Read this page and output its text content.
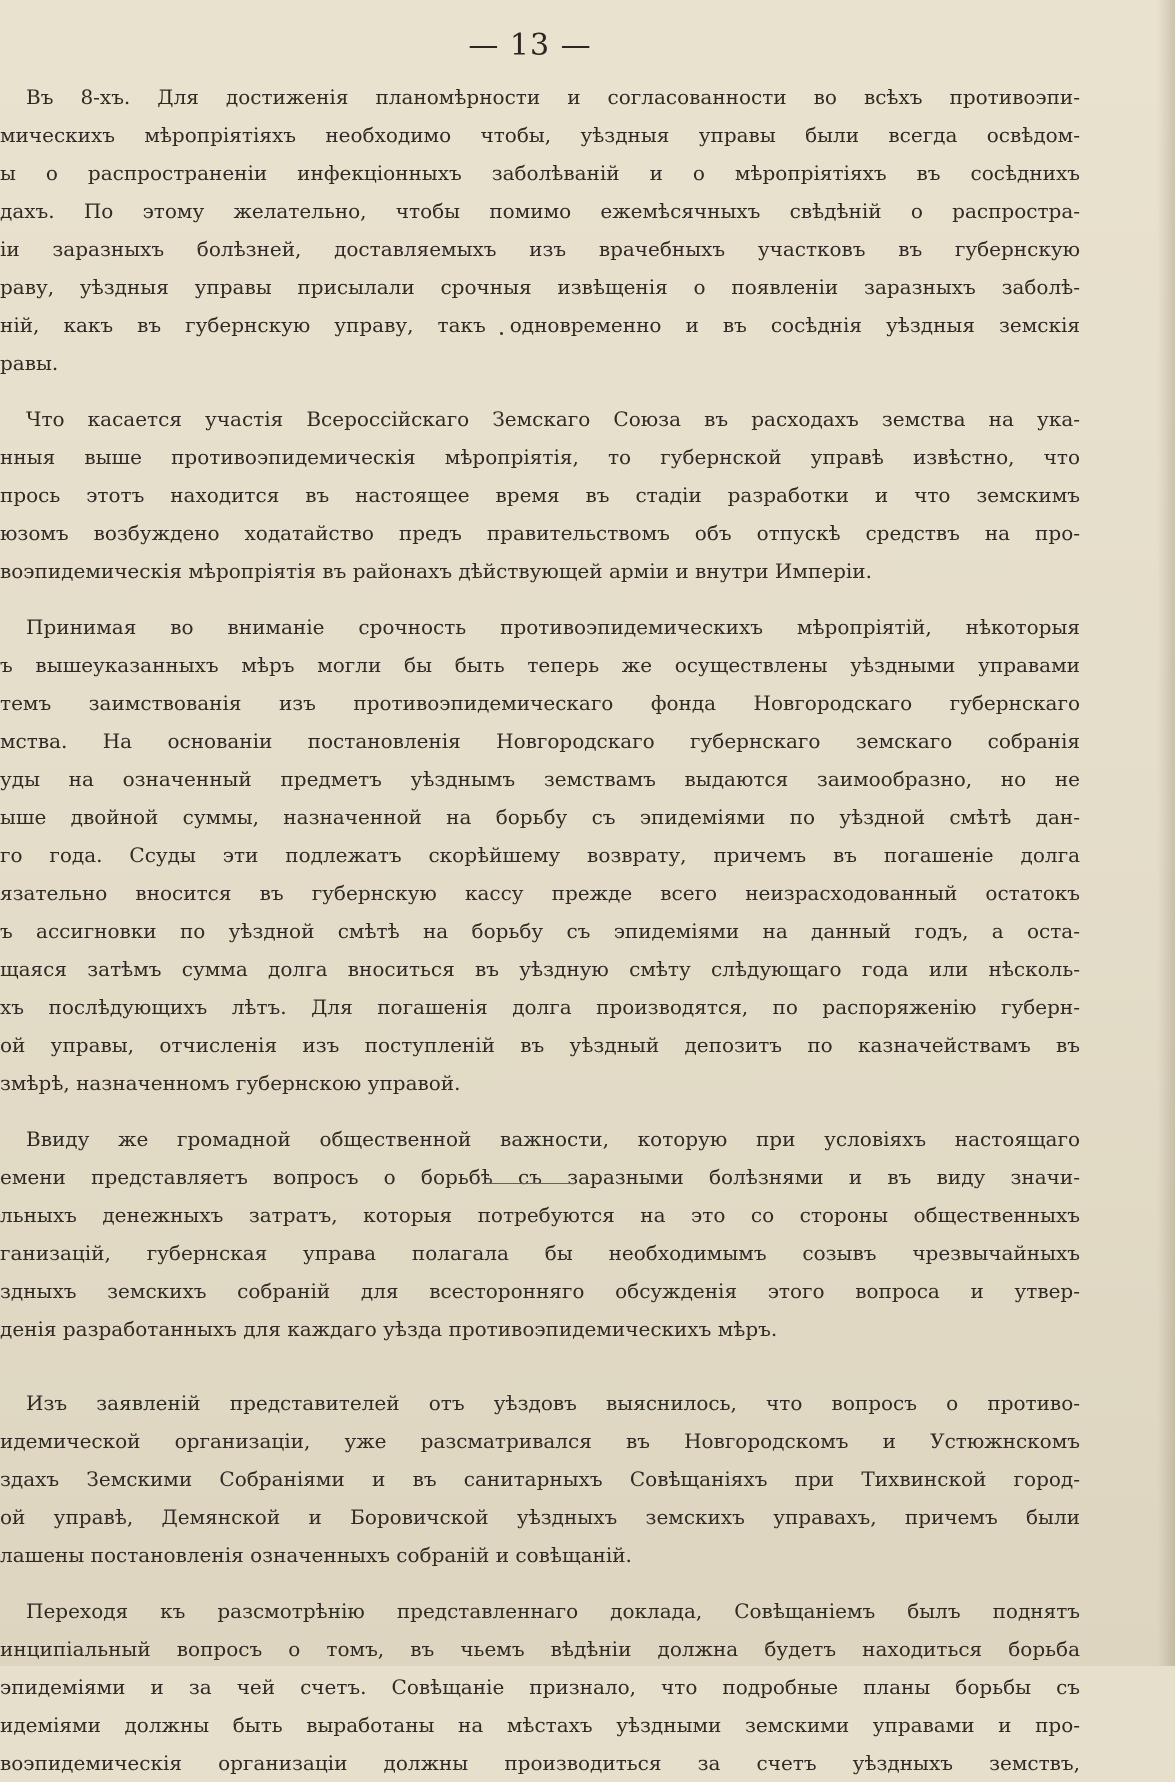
— 13 —
Въ 8-хъ. Для достиженія планомѣрности и согласованности во всѣхъ противоэпи-
мическихъ мѣропріятіяхъ необходимо чтобы, уѣздныя управы были всегда освѣдом-
ы о распространеніи инфекціонныхъ заболѣваній и о мѣропріятіяхъ въ сосѣднихъ
дахъ. По этому желательно, чтобы помимо ежемѣсячныхъ свѣдѣній о распростра-
іи заразныхъ болѣзней, доставляемыхъ изъ врачебныхъ участковъ въ губернскую
раву, уѣздныя управы присылали срочныя извѣщенія о появленіи заразныхъ заболѣ-
ній, какъ въ губернскую управу, такъ одновременно и въ сосѣднія уѣздныя земскія
равы.
Что касается участія Всероссійскаго Земскаго Союза въ расходахъ земства на ука-
нныя выше противоэпидемическія мѣропріятія, то губернской управѣ извѣстно, что
прось этотъ находится въ настоящее время въ стадіи разработки и что земскимъ
юзомъ возбуждено ходатайство предъ правительствомъ объ отпускѣ средствъ на про-
воэпидемическія мѣропріятія въ районахъ дѣйствующей арміи и внутри Имперіи.
Принимая во вниманіе срочность противоэпидемическихъ мѣропріятій, нѣкоторыя
ъ вышеуказанныхъ мѣръ могли бы быть теперь же осуществлены уѣздными управами
темъ заимствованія изъ противоэпидемическаго фонда Новгородскаго губернскаго
мства. На основаніи постановленія Новгородскаго губернскаго земскаго собранія
уды на означенный предметъ уѣзднымъ земствамъ выдаются заимообразно, но не
ыше двойной суммы, назначенной на борьбу съ эпидеміями по уѣздной смѣтѣ дан-
го года. Ссуды эти подлежатъ скорѣйшему возврату, причемъ въ погашеніе долга
язательно вносится въ губернскую кассу прежде всего неизрасходованный остатокъ
ъ ассигновки по уѣздной смѣтѣ на борьбу съ эпидеміями на данный годъ, а оста-
щаяся затѣмъ сумма долга вноситься въ уѣздную смѣту слѣдующаго года или нѣсколь-
хъ послѣдующихъ лѣтъ. Для погашенія долга производятся, по распоряженію губерн-
ой управы, отчисленія изъ поступленій въ уѣздный депозитъ по казначействамъ въ
змѣрѣ, назначенномъ губернскою управой.
Ввиду же громадной общественной важности, которую при условіяхъ настоящаго
емени представляетъ вопросъ о борьбѣ съ заразными болѣзнями и въ виду значи-
льныхъ денежныхъ затратъ, которыя потребуются на это со стороны общественныхъ
ганизацій, губернская управа полагала бы необходимымъ созывъ чрезвычайныхъ
здныхъ земскихъ собраній для всесторонняго обсужденія этого вопроса и утвер-
денія разработанныхъ для каждаго уѣзда противоэпидемическихъ мѣръ.
Изъ заявленій представителей отъ уѣздовъ выяснилось, что вопросъ о противо-
идемической организаціи, уже разсматривался въ Новгородскомъ и Устюжнскомъ
здахъ Земскими Собраніями и въ санитарныхъ Совѣщаніяхъ при Тихвинской город-
ой управѣ, Демянской и Боровичской уѣздныхъ земскихъ управахъ, причемъ были
лашены постановленія означенныхъ собраній и совѣщаній.
Переходя къ разсмотрѣнію представленнаго доклада, Совѣщаніемъ былъ поднятъ
инципіальный вопросъ о томъ, въ чьемъ вѣдѣніи должна будетъ находиться борьба
эпидеміями и за чей счетъ. Совѣщаніе признало, что подробные планы борьбы съ
идеміями должны быть выработаны на мѣстахъ уѣздными земскими управами и про-
воэпидемическія организаціи должны производиться за счетъ уѣздныхъ земствъ,
